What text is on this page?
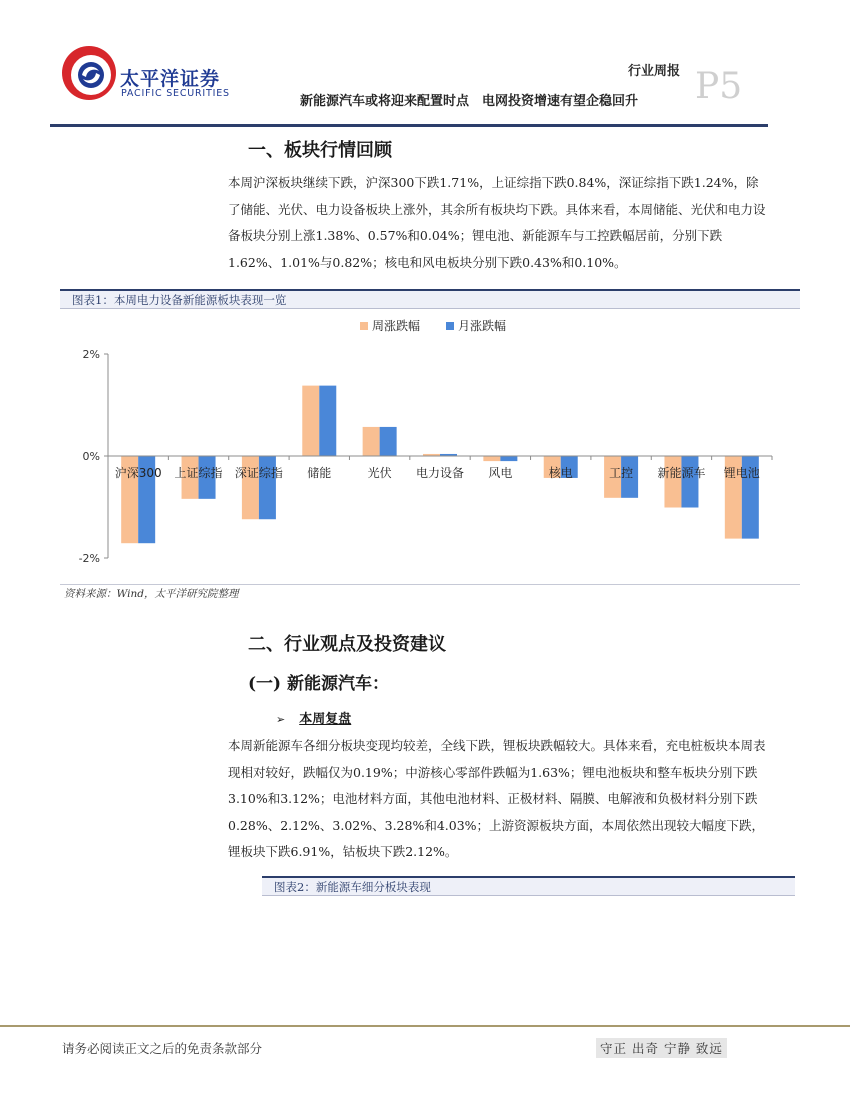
太平洋证券
PACIFIC SECURITIES
行业周报 P5
新能源汽车或将迎来配置时点　电网投资增速有望企稳回升
一、板块行情回顾

本周沪深板块继续下跌，沪深300下跌1.71%，上证综指下跌0.84%，深证综指下跌1.24%，除了储能、光伏、电力设备板块上涨外，其余所有板块均下跌。具体来看，本周储能、光伏和电力设备板块分别上涨1.38%、0.57%和0.04%；锂电池、新能源车与工控跌幅居前，分别下跌1.62%、1.01%与0.82%；核电和风电板块分别下跌0.43%和0.10%。

图表1：本周电力设备新能源板块表现一览
2%
0%
-2%
沪深300 上证综指 深证综指 储能	光伏 电力设备 风电	核电	工控 新能源车 锂电池
周涨跌幅	月涨跌幅
资料来源：Wind，太平洋研究院整理
二、行业观点及投资建议
(一) 新能源汽车：
➢ 本周复盘

本周新能源车各细分板块变现均较差，全线下跌，锂板块跌幅较大。具体来看，充电桩板块本周表现相对较好，跌幅仅为0.19%；中游核心零部件跌幅为1.63%；锂电池板块和整车板块分别下跌3.10%和3.12%；电池材料方面，其他电池材料、正极材料、隔膜、电解液和负极材料分别下跌0.28%、2.12%、3.02%、3.28%和4.03%；上游资源板块方面，本周依然出现较大幅度下跌，锂板块下跌6.91%，钴板块下跌2.12%。

图表2：新能源车细分板块表现
请务必阅读正文之后的免责条款部分	守正 出奇 宁静 致远
